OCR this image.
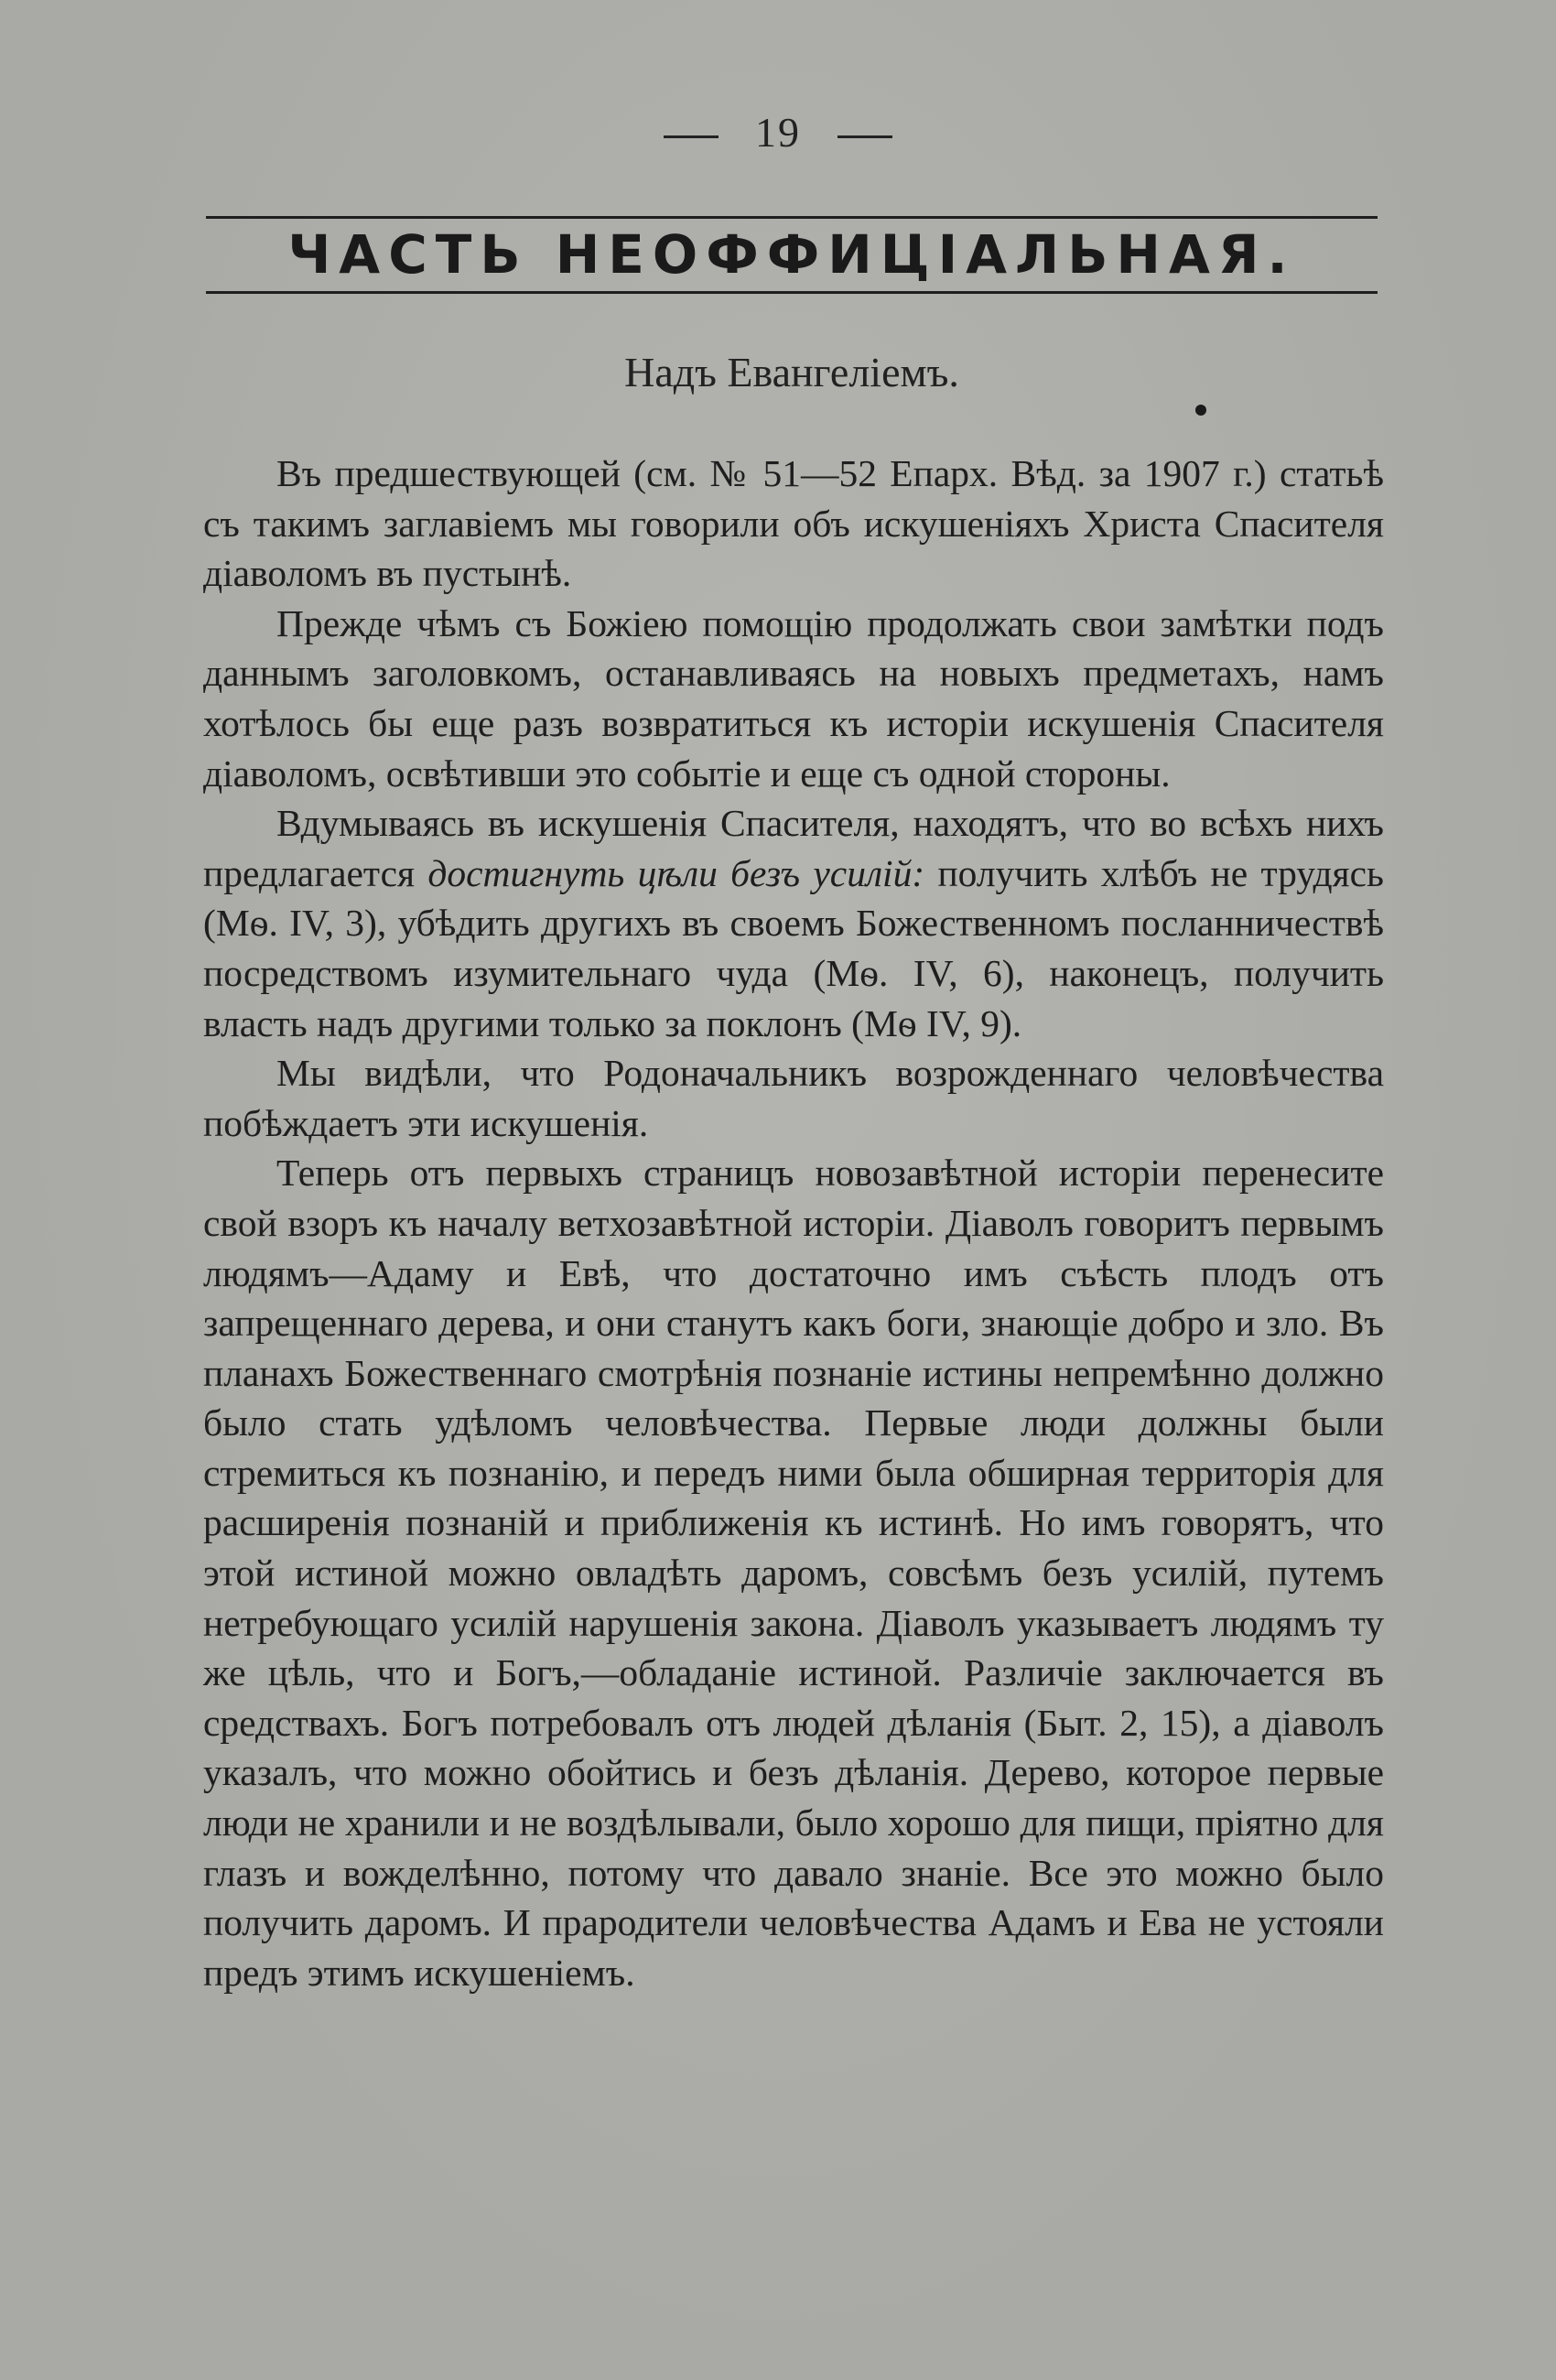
19
ЧАСТЬ НЕОФФИЦІАЛЬНАЯ.
Надъ Евангеліемъ.

Въ предшествующей (см. № 51—52 Епарх. Вѣд. за 1907 г.) статьѣ съ такимъ заглавіемъ мы говорили объ искушеніяхъ Христа Спасителя діаволомъ въ пустынѣ.

Прежде чѣмъ съ Божіею помощію продолжать свои замѣтки подъ даннымъ заголовкомъ, останавливаясь на новыхъ предметахъ, намъ хотѣлось бы еще разъ возвратиться къ исторіи искушенія Спасителя діаволомъ, освѣтивши это событіе и еще съ одной стороны.

Вдумываясь въ искушенія Спасителя, находятъ, что во всѣхъ нихъ предлагается достигнуть цѣли безъ усилій: получить хлѣбъ не трудясь (Мѳ. IV, 3), убѣдить другихъ въ своемъ Божественномъ посланничествѣ посредствомъ изумительнаго чуда (Мѳ. IV, 6), наконецъ, получить власть надъ другими только за поклонъ (Мѳ IV, 9).

Мы видѣли, что Родоначальникъ возрожденнаго человѣчества побѣждаетъ эти искушенія.

Теперь отъ первыхъ страницъ новозавѣтной исторіи перенесите свой взоръ къ началу ветхозавѣтной исторіи. Діаволъ говоритъ первымъ людямъ—Адаму и Евѣ, что достаточно имъ съѣсть плодъ отъ запрещеннаго дерева, и они станутъ какъ боги, знающіе добро и зло. Въ планахъ Божественнаго смотрѣнія познаніе истины непремѣнно должно было стать удѣломъ человѣчества. Первые люди должны были стремиться къ познанію, и передъ ними была обширная территорія для расширенія познаній и приближенія къ истинѣ. Но имъ говорятъ, что этой истиной можно овладѣть даромъ, совсѣмъ безъ усилій, путемъ нетребующаго усилій нарушенія закона. Діаволъ указываетъ людямъ ту же цѣль, что и Богъ,—обладаніе истиной. Различіе заключается въ средствахъ. Богъ потребовалъ отъ людей дѣланія (Быт. 2, 15), а діаволъ указалъ, что можно обойтись и безъ дѣланія. Дерево, которое первые люди не хранили и не воздѣлывали, было хорошо для пищи, пріятно для глазъ и вожделѣнно, потому что давало знаніе. Все это можно было получить даромъ. И прародители человѣчества Адамъ и Ева не устояли предъ этимъ искушеніемъ.
